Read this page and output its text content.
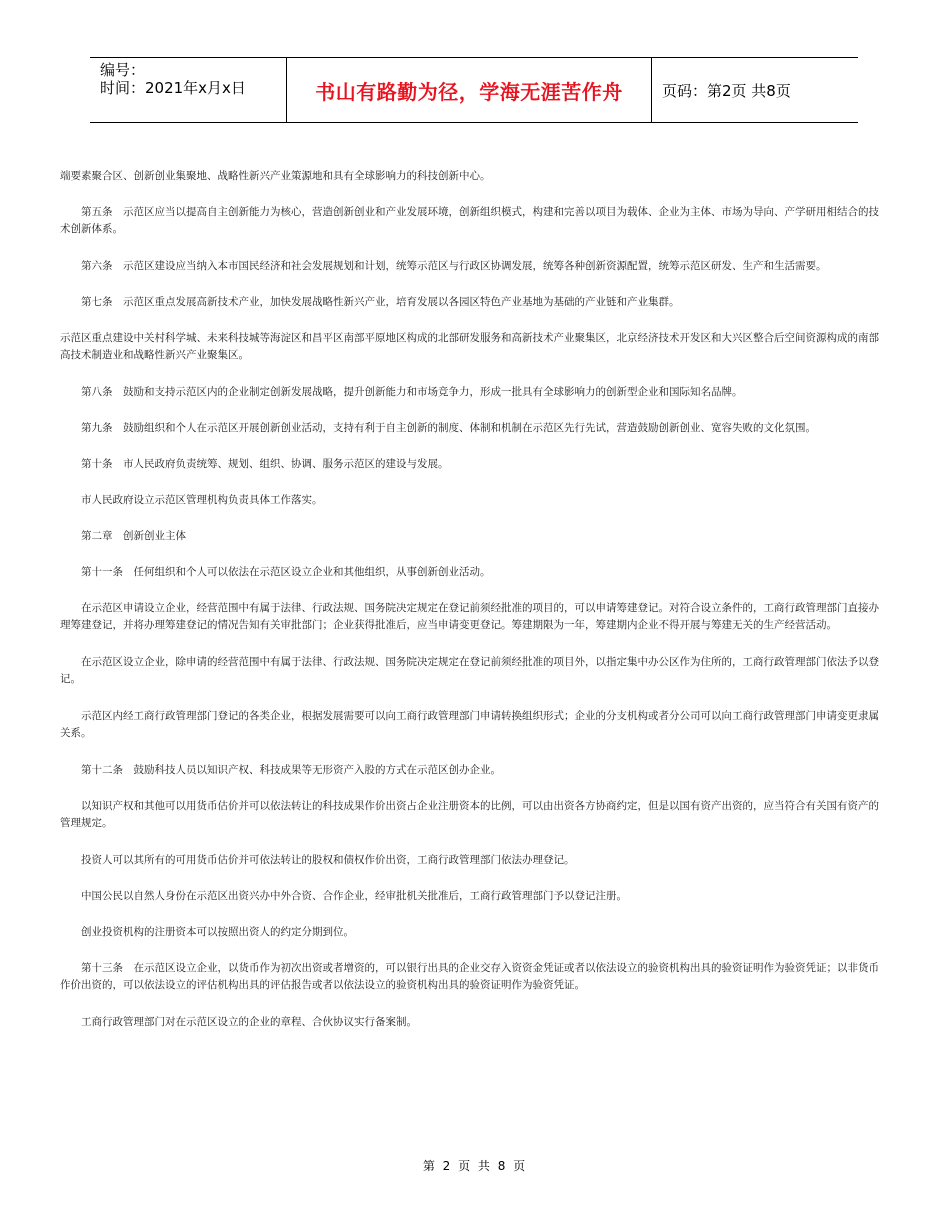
编号：
时间：2021年x月x日	书山有路勤为径，学海无涯苦作舟	页码：第2页 共8页

端要素聚合区、创新创业集聚地、战略性新兴产业策源地和具有全球影响力的科技创新中心。

第五条　示范区应当以提高自主创新能力为核心，营造创新创业和产业发展环境，创新组织模式，构建和完善以项目为载体、企业为主体、市场为导向、产学研用相结合的技术创新体系。

第六条　示范区建设应当纳入本市国民经济和社会发展规划和计划，统筹示范区与行政区协调发展，统筹各种创新资源配置，统筹示范区研发、生产和生活需要。

第七条　示范区重点发展高新技术产业，加快发展战略性新兴产业，培育发展以各园区特色产业基地为基础的产业链和产业集群。

示范区重点建设中关村科学城、未来科技城等海淀区和昌平区南部平原地区构成的北部研发服务和高新技术产业聚集区，北京经济技术开发区和大兴区整合后空间资源构成的南部高技术制造业和战略性新兴产业聚集区。

第八条　鼓励和支持示范区内的企业制定创新发展战略，提升创新能力和市场竞争力，形成一批具有全球影响力的创新型企业和国际知名品牌。

第九条　鼓励组织和个人在示范区开展创新创业活动，支持有利于自主创新的制度、体制和机制在示范区先行先试，营造鼓励创新创业、宽容失败的文化氛围。

第十条　市人民政府负责统筹、规划、组织、协调、服务示范区的建设与发展。

市人民政府设立示范区管理机构负责具体工作落实。

第二章　创新创业主体

第十一条　任何组织和个人可以依法在示范区设立企业和其他组织，从事创新创业活动。

在示范区申请设立企业，经营范围中有属于法律、行政法规、国务院决定规定在登记前须经批准的项目的，可以申请筹建登记。对符合设立条件的，工商行政管理部门直接办理筹建登记，并将办理筹建登记的情况告知有关审批部门；企业获得批准后，应当申请变更登记。筹建期限为一年，筹建期内企业不得开展与筹建无关的生产经营活动。

在示范区设立企业，除申请的经营范围中有属于法律、行政法规、国务院决定规定在登记前须经批准的项目外，以指定集中办公区作为住所的，工商行政管理部门依法予以登记。

示范区内经工商行政管理部门登记的各类企业，根据发展需要可以向工商行政管理部门申请转换组织形式；企业的分支机构或者分公司可以向工商行政管理部门申请变更隶属关系。

第十二条　鼓励科技人员以知识产权、科技成果等无形资产入股的方式在示范区创办企业。

以知识产权和其他可以用货币估价并可以依法转让的科技成果作价出资占企业注册资本的比例，可以由出资各方协商约定，但是以国有资产出资的，应当符合有关国有资产的管理规定。

投资人可以其所有的可用货币估价并可依法转让的股权和债权作价出资，工商行政管理部门依法办理登记。

中国公民以自然人身份在示范区出资兴办中外合资、合作企业，经审批机关批准后，工商行政管理部门予以登记注册。

创业投资机构的注册资本可以按照出资人的约定分期到位。

第十三条　在示范区设立企业，以货币作为初次出资或者增资的，可以银行出具的企业交存入资资金凭证或者以依法设立的验资机构出具的验资证明作为验资凭证；以非货币作价出资的，可以依法设立的评估机构出具的评估报告或者以依法设立的验资机构出具的验资证明作为验资凭证。

工商行政管理部门对在示范区设立的企业的章程、合伙协议实行备案制。

第 2 页 共 8 页
